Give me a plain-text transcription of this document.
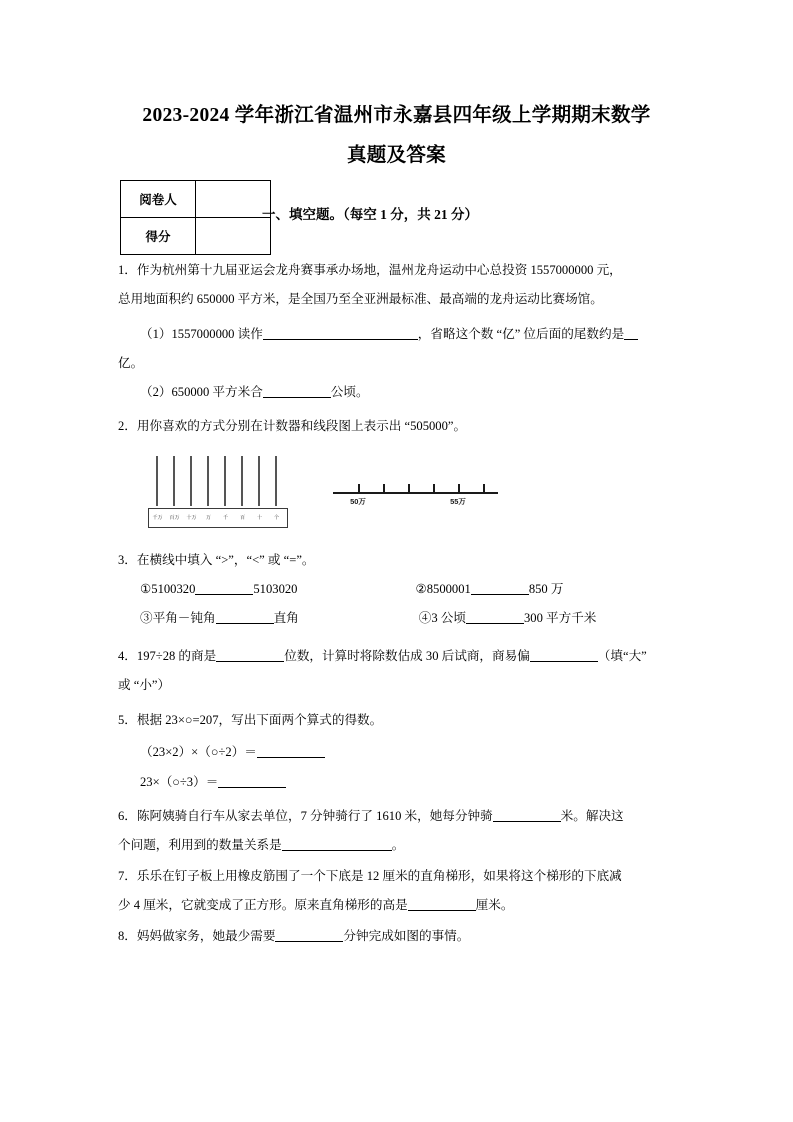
2023-2024 学年浙江省温州市永嘉县四年级上学期期末数学
真题及答案
阅卷人	
得分	
一、填空题。（每空 1 分，共 21 分）
1．作为杭州第十九届亚运会龙舟赛事承办场地，温州龙舟运动中心总投资 1557000000 元，
总用地面积约 650000 平方米，是全国乃至全亚洲最标准、最高端的龙舟运动比赛场馆。
（1）1557000000 读作	，省略这个数 “亿” 位后面的尾数约是
亿。
（2）650000 平方米合	公顷。
2．用你喜欢的方式分别在计数器和线段图上表示出 “505000”。
千万	百万	十万	万	千	百	十	个
50万	55万
3．在横线中填入 “>”，“<” 或 “=”。
①5100320	5103020	②8500001	850 万
③平角－钝角	直角	④3 公顷	300 平方千米
4．197÷28 的商是	位数，计算时将除数估成 30 后试商，商易偏	（填“大”
或 “小”）
5．根据 23×○=207，写出下面两个算式的得数。
（23×2）×（○÷2）＝
23×（○÷3）＝
6．陈阿姨骑自行车从家去单位，7 分钟骑行了 1610 米，她每分钟骑	米。解决这
个问题，利用到的数量关系是	。
7．乐乐在钉子板上用橡皮筋围了一个下底是 12 厘米的直角梯形，如果将这个梯形的下底减
少 4 厘米，它就变成了正方形。原来直角梯形的高是	厘米。
8．妈妈做家务，她最少需要	分钟完成如图的事情。
